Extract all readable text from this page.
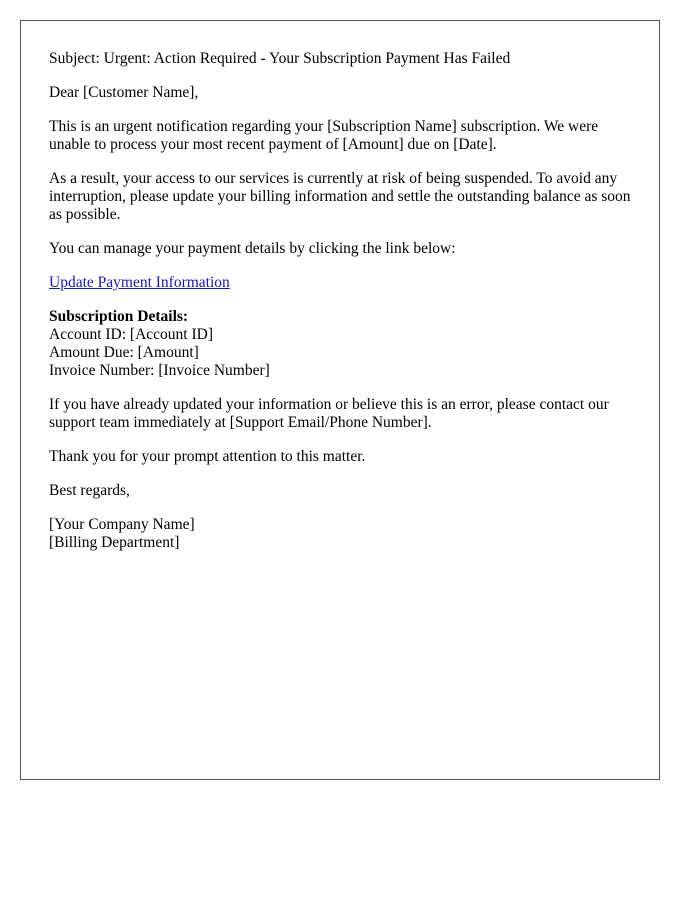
Subject: Urgent: Action Required - Your Subscription Payment Has Failed

Dear [Customer Name],

This is an urgent notification regarding your [Subscription Name] subscription. We were unable to process your most recent payment of [Amount] due on [Date].

As a result, your access to our services is currently at risk of being suspended. To avoid any interruption, please update your billing information and settle the outstanding balance as soon as possible.

You can manage your payment details by clicking the link below:

Update Payment Information

Subscription Details:
Account ID: [Account ID]
Amount Due: [Amount]
Invoice Number: [Invoice Number]

If you have already updated your information or believe this is an error, please contact our support team immediately at [Support Email/Phone Number].

Thank you for your prompt attention to this matter.

Best regards,

[Your Company Name]
[Billing Department]
